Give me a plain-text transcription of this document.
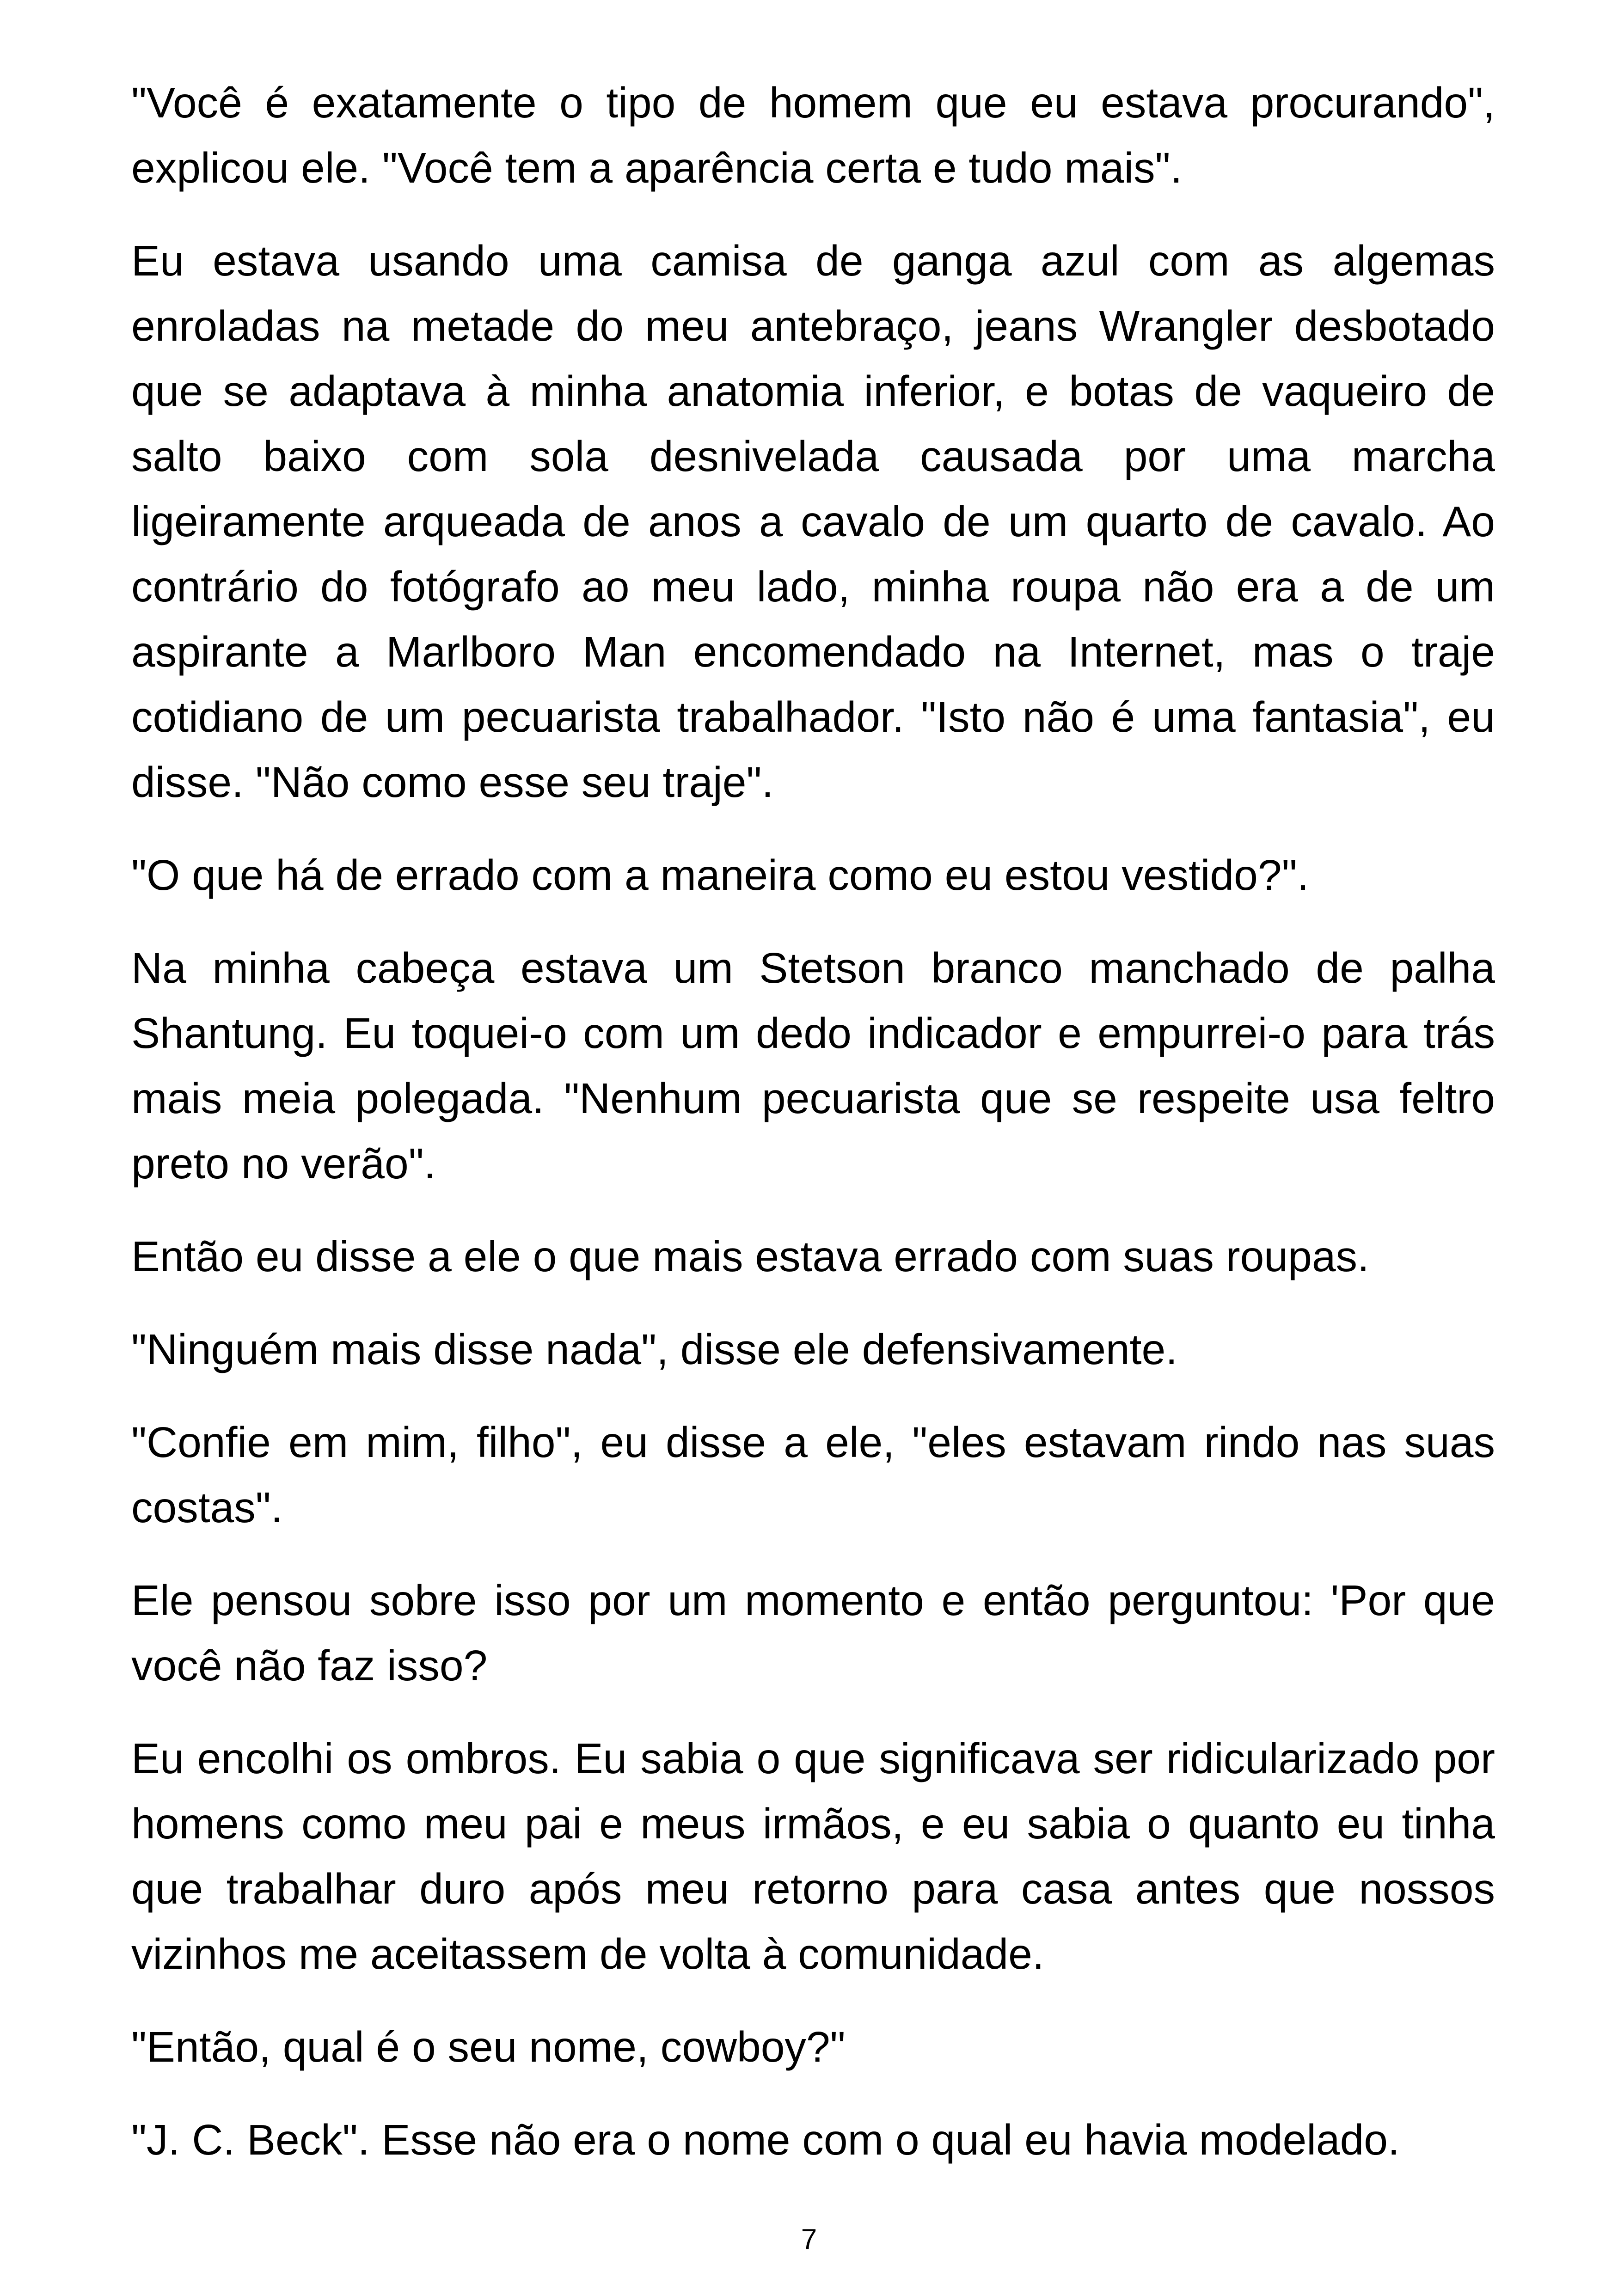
"Você é exatamente o tipo de homem que eu estava procurando", explicou ele. "Você tem a aparência certa e tudo mais".

Eu estava usando uma camisa de ganga azul com as algemas enroladas na metade do meu antebraço, jeans Wrangler desbotado que se adaptava à minha anatomia inferior, e botas de vaqueiro de salto baixo com sola desnivelada causada por uma marcha ligeiramente arqueada de anos a cavalo de um quarto de cavalo. Ao contrário do fotógrafo ao meu lado, minha roupa não era a de um aspirante a Marlboro Man encomendado na Internet, mas o traje cotidiano de um pecuarista trabalhador. "Isto não é uma fantasia", eu disse. "Não como esse seu traje".

"O que há de errado com a maneira como eu estou vestido?".

Na minha cabeça estava um Stetson branco manchado de palha Shantung. Eu toquei-o com um dedo indicador e empurrei-o para trás mais meia polegada. "Nenhum pecuarista que se respeite usa feltro preto no verão".

Então eu disse a ele o que mais estava errado com suas roupas.

"Ninguém mais disse nada", disse ele defensivamente.

"Confie em mim, filho", eu disse a ele, "eles estavam rindo nas suas costas".

Ele pensou sobre isso por um momento e então perguntou: 'Por que você não faz isso?

Eu encolhi os ombros. Eu sabia o que significava ser ridicularizado por homens como meu pai e meus irmãos, e eu sabia o quanto eu tinha que trabalhar duro após meu retorno para casa antes que nossos vizinhos me aceitassem de volta à comunidade.

"Então, qual é o seu nome, cowboy?"

"J. C. Beck". Esse não era o nome com o qual eu havia modelado.

7
